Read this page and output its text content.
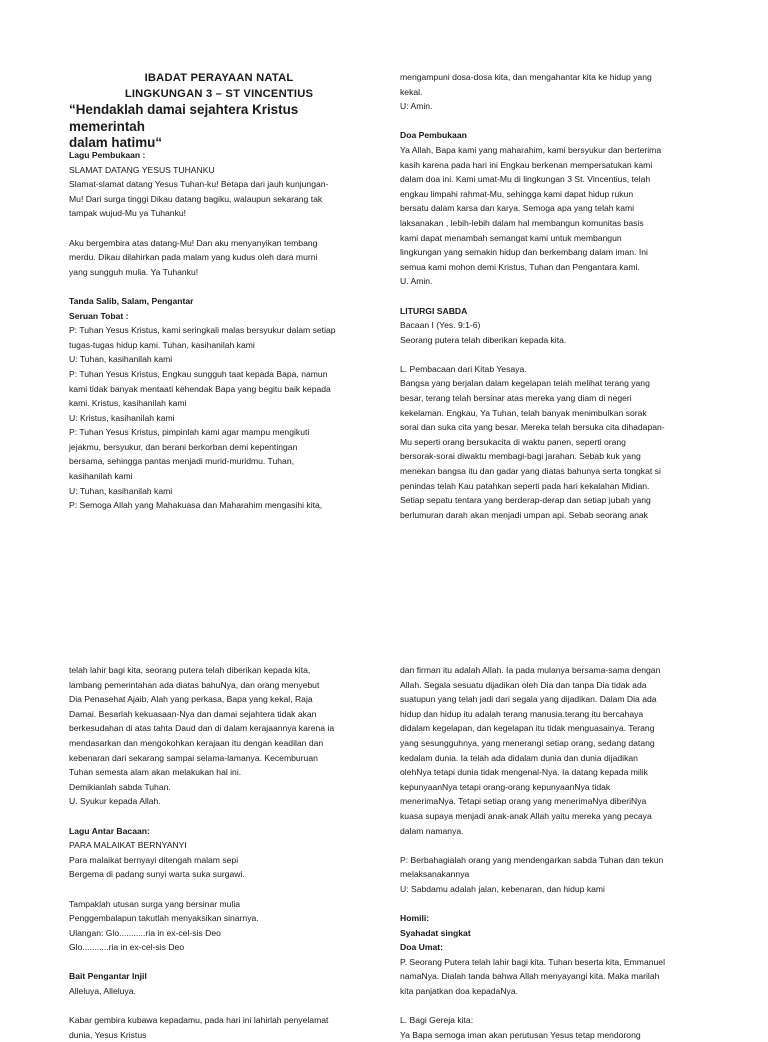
IBADAT PERAYAAN NATAL
LINGKUNGAN 3 – ST VINCENTIUS
“Hendaklah damai sejahtera Kristus memerintah
dalam hatimu“

Lagu Pembukaan :

SLAMAT DATANG YESUS TUHANKU

Slamat-slamat datang Yesus Tuhan-ku! Betapa dari jauh kunjungan-

Mu! Dari surga tinggi Dikau datang bagiku, walaupun sekarang tak

tampak wujud-Mu ya Tuhanku!

Aku bergembira atas datang-Mu! Dan aku menyanyikan tembang

merdu. Dikau dilahirkan pada malam yang kudus oleh dara murni

yang sungguh mulia. Ya Tuhanku!

Tanda Salib, Salam, Pengantar

Seruan Tobat :

P: Tuhan Yesus Kristus, kami seringkali malas bersyukur dalam setiap

tugas-tugas hidup kami. Tuhan, kasihanilah kami

U: Tuhan, kasihanilah kami

P: Tuhan Yesus Kristus, Engkau sungguh taat kepada Bapa, namun

kami tidak banyak mentaati kehendak Bapa yang begitu baik kepada

kami. Kristus, kasihanilah kami

U: Kristus, kasihanilah kami

P: Tuhan Yesus Kristus, pimpinlah kami agar mampu mengikuti

jejakmu, bersyukur, dan berani berkorban demi kepentingan

bersama, sehingga pantas menjadi murid-muridmu. Tuhan,

kasihanilah kami

U: Tuhan, kasihanilah kami

P: Semoga Allah yang Mahakuasa dan Maharahim mengasihi kita,

mengampuni dosa-dosa kita, dan mengahantar kita ke hidup yang

kekal.

U: Amin.

Doa Pembukaan

Ya Allah, Bapa kami yang maharahim, kami bersyukur dan berterima

kasih karena pada hari ini Engkau berkenan mempersatukan kami

dalam doa ini. Kami umat-Mu di lingkungan 3 St. Vincentius, telah

engkau limpahi rahmat-Mu, sehingga kami dapat hidup rukun

bersatu dalam karsa dan karya. Semoga apa yang telah kami

laksanakan , lebih-lebih dalam hal membangun komunitas basis

kami dapat menambah semangat kami untuk membangun

lingkungan yang semakin hidup dan berkembang dalam iman. Ini

semua kami mohon demi Kristus, Tuhan dan Pengantara kami.

U. Amin.

LITURGI SABDA

Bacaan I (Yes. 9:1-6)

Seorang putera telah diberikan kepada kita.

L. Pembacaan dari Kitab Yesaya.

Bangsa yang berjalan dalam kegelapan telah melihat terang yang

besar, terang telah bersinar atas mereka yang diam di negeri

kekelaman. Engkau, Ya Tuhan, telah banyak menimbulkan sorak

sorai dan suka cita yang besar. Mereka telah bersuka cita dihadapan-

Mu seperti orang bersukacita di waktu panen, seperti orang

bersorak-sorai diwaktu membagi-bagi jarahan. Sebab kuk yang

menekan bangsa itu dan gadar yang diatas bahunya serta tongkat si

penindas telah Kau patahkan seperti pada hari kekalahan Midian.

Setiap sepatu tentara yang berderap-derap dan setiap jubah yang

berlumuran darah akan menjadi umpan api. Sebab seorang anak

telah lahir bagi kita, seorang putera telah diberikan kepada kita,

lambang pemerintahan ada diatas bahuNya, dan orang menyebut

Dia Penasehat Ajaib, Alah yang perkasa, Bapa yang kekal, Raja

Damai. Besarlah kekuasaan-Nya dan damai sejahtera tidak akan

berkesudahan di atas tahta Daud dan di dalam kerajaannya karena ia

mendasarkan dan mengokohkan kerajaan itu dengan keadilan dan

kebenaran dari sekarang sampai selama-lamanya. Kecemburuan

Tuhan semesta alam akan melakukan hal ini.

Demikianlah sabda Tuhan.

U. Syukur kepada Allah.

Lagu Antar Bacaan:

PARA MALAIKAT BERNYANYI

Para malaikat bernyayi ditengah malam sepi

Bergema di padang sunyi warta suka surgawi.

Tampaklah utusan surga yang bersinar mulia

Penggembalapun takutlah menyaksikan sinarnya.

Ulangan: Glo...........ria in ex-cel-sis Deo

Glo...........ria in ex-cel-sis Deo

Bait Pengantar Injil

Alleluya, Alleluya.

Kabar gembira kubawa kepadamu, pada hari ini lahirlah penyelamat

dunia, Yesus Kristus

dan firman itu adalah Allah. Ia pada mulanya bersama-sama dengan

Allah. Segala sesuatu dijadikan oleh Dia dan tanpa Dia tidak ada

suatupun yang telah jadi dari segala yang dijadikan. Dalam Dia ada

hidup dan hidup itu adalah terang manusia.terang itu bercahaya

didalam kegelapan, dan kegelapan itu tidak menguasainya. Terang

yang sesungguhnya, yang menerangi setiap orang, sedang datang

kedalam dunia. Ia telah ada didalam dunia dan dunia dijadikan

olehNya tetapi dunia tidak mengenal-Nya. Ia datang kepada milik

kepunyaanNya tetapi orang-orang kepunyaanNya tidak

menerimaNya. Tetapi setiap orang yang menerimaNya diberiNya

kuasa supaya menjadi anak-anak Allah yaitu mereka yang pecaya

dalam namanya.

P: Berbahagialah orang yang mendengarkan sabda Tuhan dan tekun

melaksanakannya

U: Sabdamu adalah jalan, kebenaran, dan hidup kami

Homili:

Syahadat singkat

Doa Umat:

P. Seorang Putera telah lahir bagi kita. Tuhan beserta kita, Emmanuel

namaNya. Dialah tanda bahwa Allah menyayangi kita. Maka marilah

kita panjatkan doa kepadaNya.

L. Bagi Gereja kita:

Ya Bapa semoga iman akan perutusan Yesus tetap mendorong
